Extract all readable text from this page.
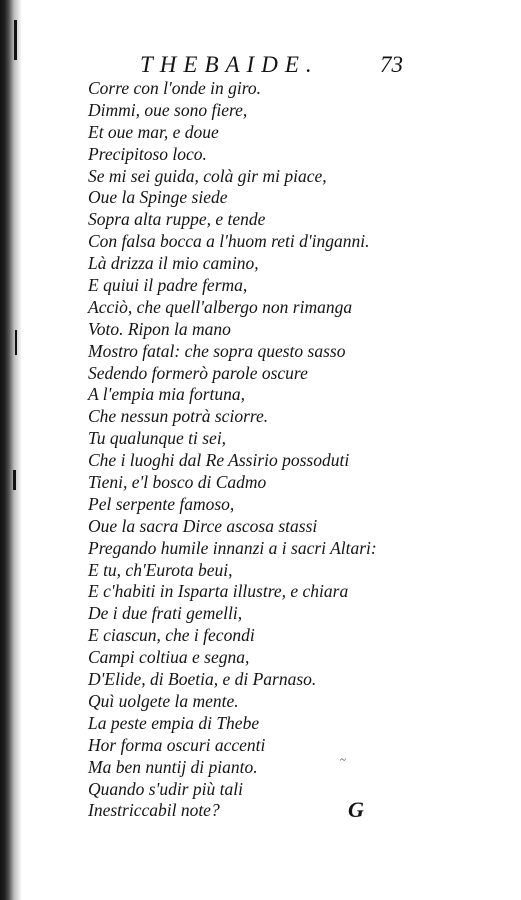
THEBAIDE.	73
Corre con l'onde in giro.
Dimmi, oue sono fiere,
Et oue mar, e doue
Precipitoso loco.
Se mi sei guida, colà gir mi piace,
Oue la Spinge siede
Sopra alta ruppe, e tende
Con falsa bocca a l'huom reti d'inganni.
Là drizza il mio camino,
E quiui il padre ferma,
Acciò, che quell'albergo non rimanga
Voto. Ripon la mano
Mostro fatal: che sopra questo sasso
Sedendo formerò parole oscure
A l'empia mia fortuna,
Che nessun potrà sciorre.
Tu qualunque ti sei,
Che i luoghi dal Re Assirio possoduti
Tieni, e'l bosco di Cadmo
Pel serpente famoso,
Oue la sacra Dirce ascosa stassi
Pregando humile innanzi a i sacri Altari:
E tu, ch'Eurota beui,
E c'habiti in Isparta illustre, e chiara
De i due frati gemelli,
E ciascun, che i fecondi
Campi coltiua e segna,
D'Elide, di Boetia, e di Parnaso.
Quì uolgete la mente.
La peste empia di Thebe
Hor forma oscuri accenti
Ma ben nuntij di pianto.
Quando s'udir più tali
Inestriccabil note?
~
G
